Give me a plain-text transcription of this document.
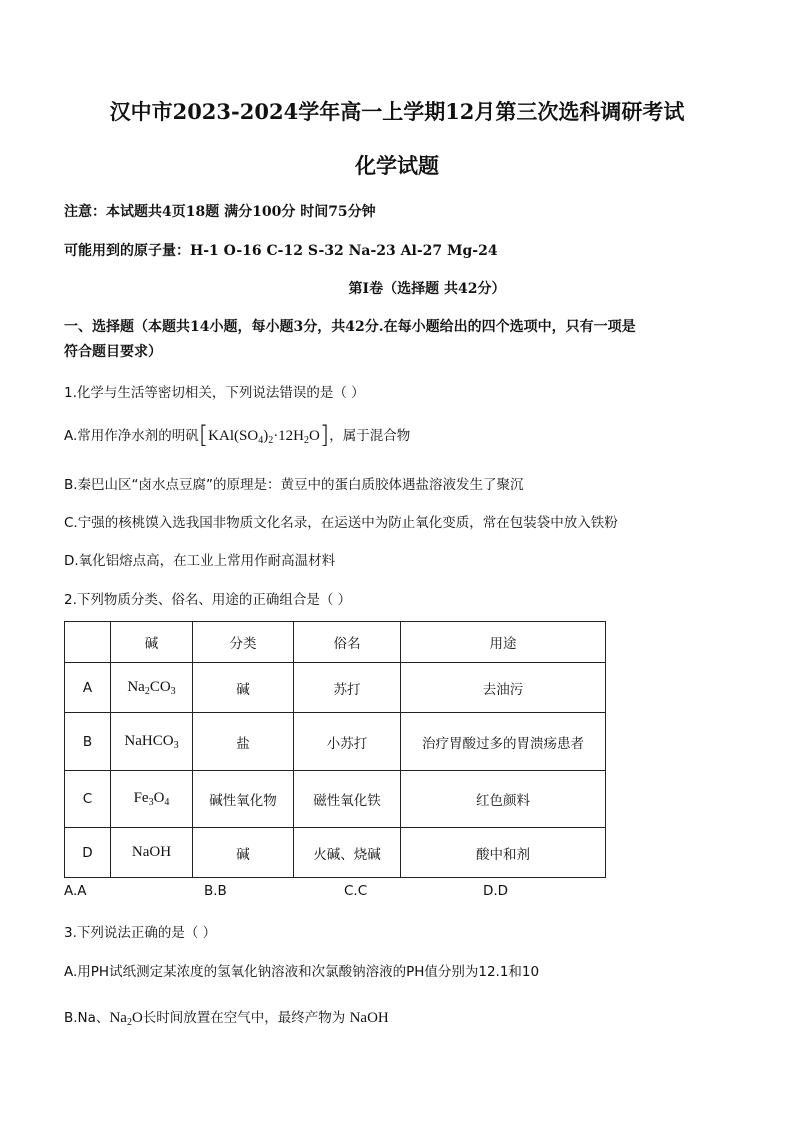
汉中市2023-2024学年高一上学期12月第三次选科调研考试
化学试题
注意：本试题共4页18题 满分100分 时间75分钟
可能用到的原子量：H-1 O-16 C-12 S-32 Na-23 Al-27 Mg-24
第Ⅰ卷（选择题 共42分）
一、选择题（本题共14小题，每小题3分，共42分.在每小题给出的四个选项中，只有一项是
符合题目要求）
1.化学与生活等密切相关，下列说法错误的是（ ）
A.常用作净水剂的明矾$[KAl(SO_4)_2\cdot 12H_2O]$，属于混合物
B.秦巴山区“卤水点豆腐”的原理是：黄豆中的蛋白质胶体遇盐溶液发生了聚沉
C.宁强的核桃馍入选我国非物质文化名录，在运送中为防止氧化变质，常在包装袋中放入铁粉
D.氧化铝熔点高，在工业上常用作耐高温材料
2.下列物质分类、俗名、用途的正确组合是（ ）
	碱	分类	俗名	用途
A	$Na_2CO_3$	碱	苏打	去油污
B	NaHCO$_3$	盐	小苏打	治疗胃酸过多的胃溃疡患者
C	$Fe_3O_4$	碱性氧化物	磁性氧化铁	红色颜料
D	NaOH	碱	火碱、烧碱	酸中和剂
A.A	B.B	C.C	D.D
3.下列说法正确的是（ ）
A.用PH试纸测定某浓度的氢氧化钠溶液和次氯酸钠溶液的PH值分别为12.1和10
B.Na、$Na_2O$长时间放置在空气中，最终产物为 NaOH
